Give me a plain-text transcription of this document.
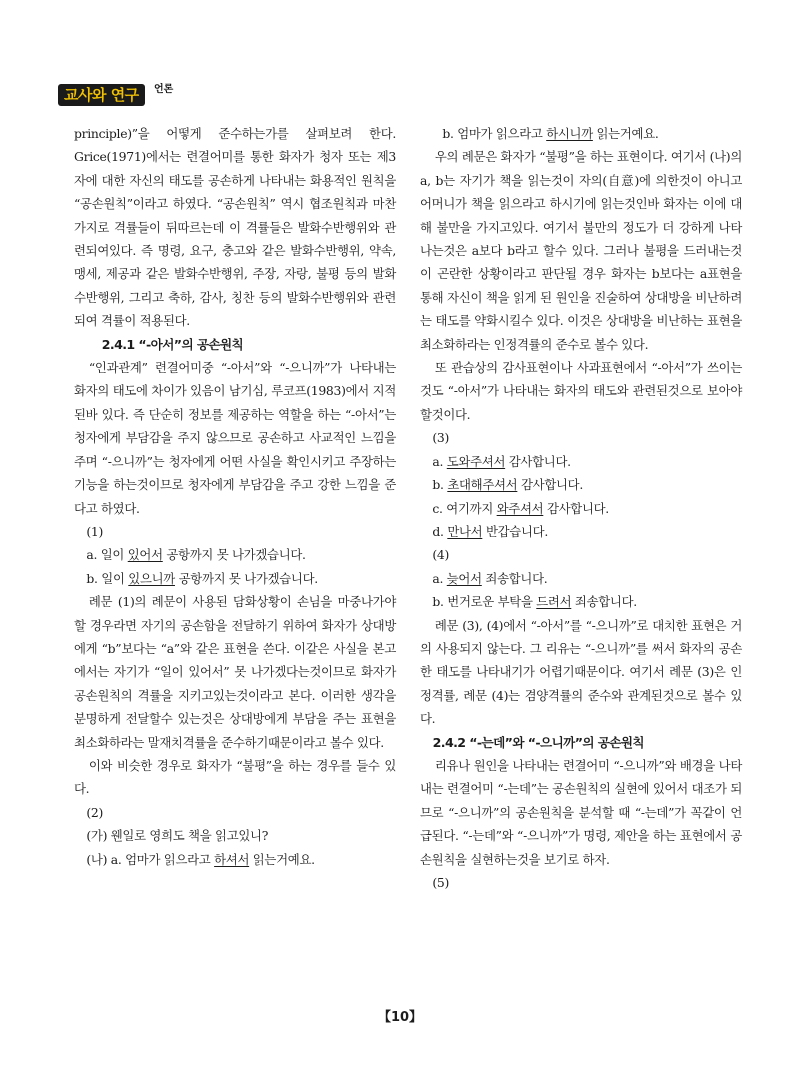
교사와 연구	언론

principle)”을 어떻게 준수하는가를 살펴보려 한다. Grice(1971)에서는 련결어미를 통한 화자가 청자 또는 제3자에 대한 자신의 태도를 공손하게 나타내는 화용적인 원칙을 “공손원칙”이라고 하였다. “공손원칙” 역시 협조원칙과 마찬가지로 격률들이 뒤따르는데 이 격률들은 발화수반행위와 관련되여있다. 즉 명령, 요구, 충고와 같은 발화수반행위, 약속, 맹세, 제공과 같은 발화수반행위, 주장, 자랑, 불평 등의 발화수반행위, 그리고 축하, 감사, 칭찬 등의 발화수반행위와 관련되여 격률이 적용된다.

2.4.1 “-아서”의 공손원칙

“인과관계” 련결어미중 “-아서”와 “-으니까”가 나타내는 화자의 태도에 차이가 있음이 남기심, 루코프(1983)에서 지적된바 있다. 즉 단순히 정보를 제공하는 역할을 하는 “-아서”는 청자에게 부담감을 주지 않으므로 공손하고 사교적인 느낌을 주며 “-으니까”는 청자에게 어떤 사실을 확인시키고 주장하는 기능을 하는것이므로 청자에게 부담감을 주고 강한 느낌을 준다고 하였다.

(1)

a. 일이 있어서 공항까지 못 나가겠습니다.

b. 일이 있으니까 공항까지 못 나가겠습니다.

례문 (1)의 례문이 사용된 담화상황이 손님을 마중나가야 할 경우라면 자기의 공손함을 전달하기 위하여 화자가 상대방에게 “b”보다는 “a”와 같은 표현을 쓴다. 이같은 사실을 본고에서는 자기가 “일이 있어서” 못 나가겠다는것이므로 화자가 공손원칙의 격률을 지키고있는것이라고 본다. 이러한 생각을 분명하게 전달할수 있는것은 상대방에게 부담을 주는 표현을 최소화하라는 말재치격률을 준수하기때문이라고 볼수 있다.

이와 비슷한 경우로 화자가 “불평”을 하는 경우를 들수 있다.

(2)

(가) 웬일로 영희도 책을 읽고있니?

(나) a. 엄마가 읽으라고 하셔서 읽는거예요.

b. 엄마가 읽으라고 하시니까 읽는거예요.

우의 례문은 화자가 “불평”을 하는 표현이다. 여기서 (나)의 a, b는 자기가 책을 읽는것이 자의(自意)에 의한것이 아니고 어머니가 책을 읽으라고 하시기에 읽는것인바 화자는 이에 대해 불만을 가지고있다. 여기서 불만의 정도가 더 강하게 나타나는것은 a보다 b라고 할수 있다. 그러나 불평을 드러내는것이 곤란한 상황이라고 판단될 경우 화자는 b보다는 a표현을 통해 자신이 책을 읽게 된 원인을 진술하여 상대방을 비난하려는 태도를 약화시킬수 있다. 이것은 상대방을 비난하는 표현을 최소화하라는 인정격률의 준수로 볼수 있다.

또 관습상의 감사표현이나 사과표현에서 “-아서”가 쓰이는것도 “-아서”가 나타내는 화자의 태도와 관련된것으로 보아야 할것이다.

(3)

a. 도와주셔서 감사합니다.

b. 초대해주셔서 감사합니다.

c. 여기까지 와주셔서 감사합니다.

d. 만나서 반갑습니다.

(4)

a. 늦어서 죄송합니다.

b. 번거로운 부탁을 드려서 죄송합니다.

례문 (3), (4)에서 “-아서”를 “-으니까”로 대치한 표현은 거의 사용되지 않는다. 그 리유는 “-으니까”를 써서 화자의 공손한 태도를 나타내기가 어렵기때문이다. 여기서 례문 (3)은 인정격률, 례문 (4)는 겸양격률의 준수와 관계된것으로 볼수 있다.

2.4.2 “-는데”와 “-으니까”의 공손원칙

리유나 원인을 나타내는 련결어미 “-으니까”와 배경을 나타내는 련결어미 “-는데”는 공손원칙의 실현에 있어서 대조가 되므로 “-으니까”의 공손원칙을 분석할 때 “-는데”가 꼭같이 언급된다. “-는데”와 “-으니까”가 명령, 제안을 하는 표현에서 공손원칙을 실현하는것을 보기로 하자.

(5)

【10】
